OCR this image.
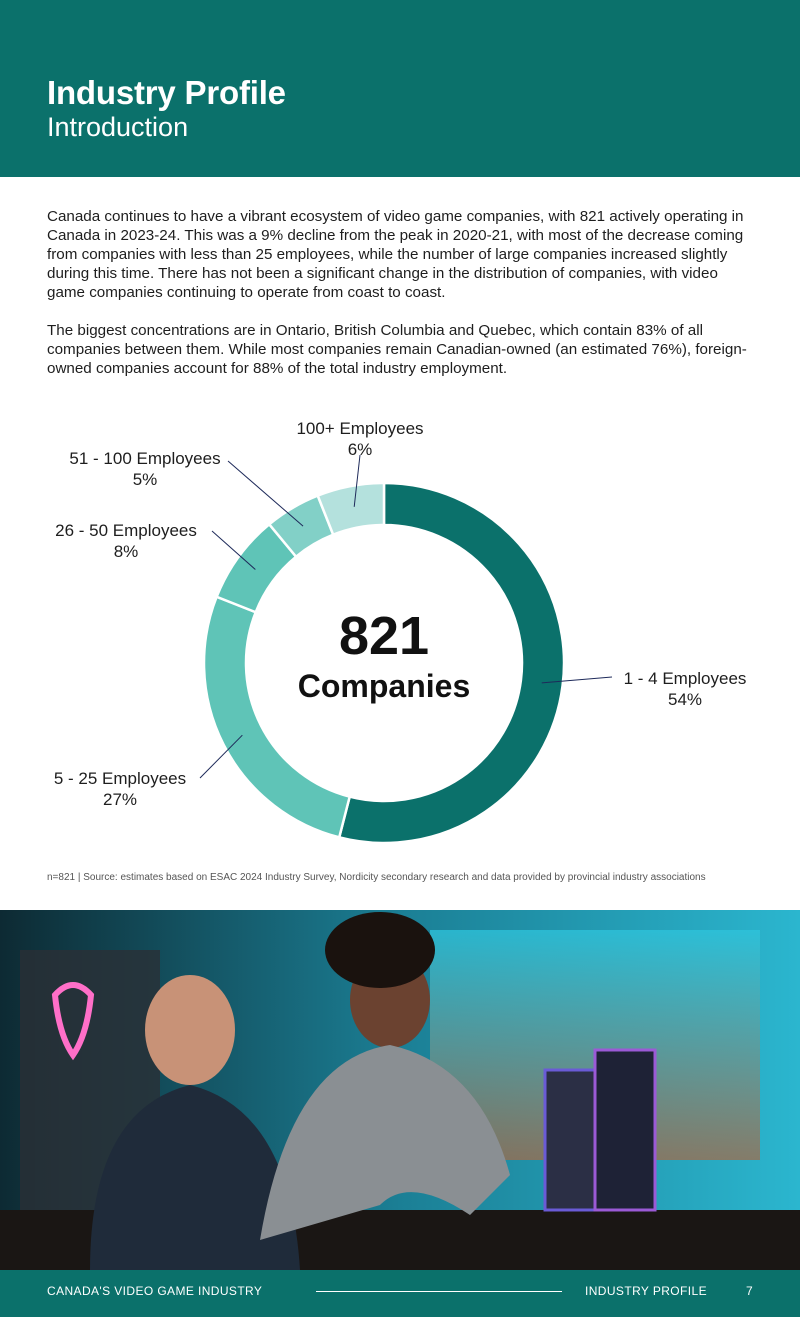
Industry Profile
Introduction

Canada continues to have a vibrant ecosystem of video game companies, with 821 actively operating in Canada in 2023-24. This was a 9% decline from the peak in 2020-21, with most of the decrease coming from companies with less than 25 employees, while the number of large companies increased slightly during this time. There has not been a significant change in the distribution of companies, with video game companies continuing to operate from coast to coast.

The biggest concentrations are in Ontario, British Columbia and Quebec, which contain 83% of all companies between them. While most companies remain Canadian-owned (an estimated 76%), foreign-owned companies account for 88% of the total industry employment.

821
Companies	1 - 4 Employees
54%
5 - 25 Employees
27%
26 - 50 Employees
8%
51 - 100 Employees
5%
100+ Employees
6%
n=821 | Source: estimates based on ESAC 2024 Industry Survey, Nordicity secondary research and data provided by provincial industry associations
CANADA'S VIDEO GAME INDUSTRY	INDUSTRY PROFILE	7
